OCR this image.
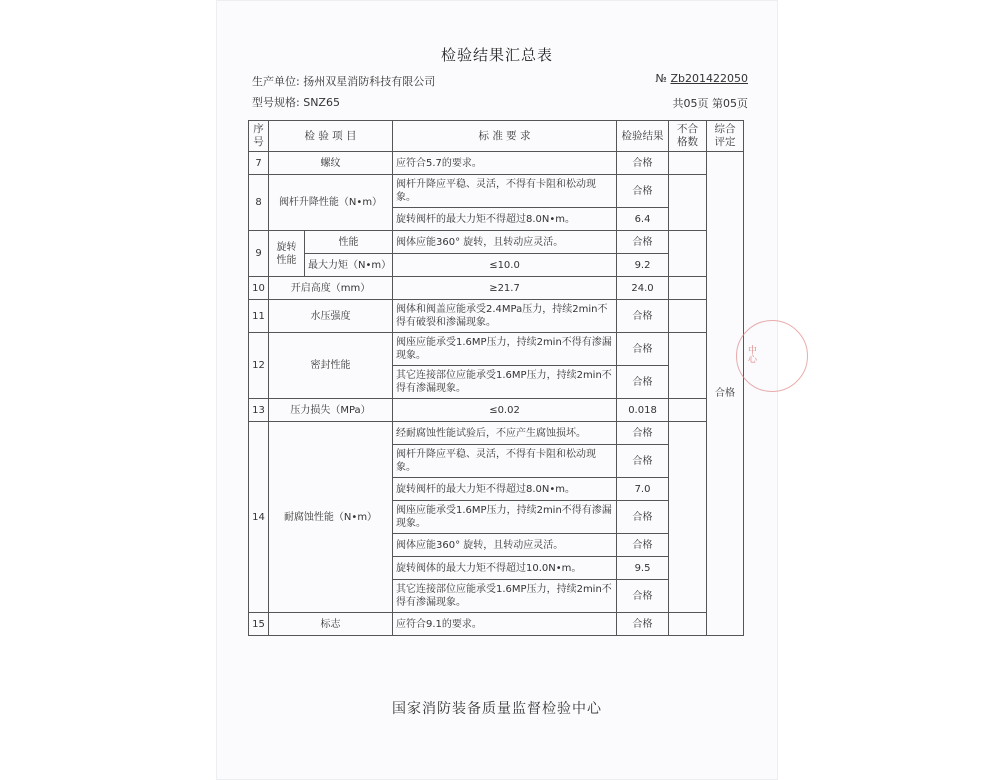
检验结果汇总表
生产单位: 扬州双星消防科技有限公司
型号规格: SNZ65
№ Zb201422050
共05页 第05页
序号	检 验 项 目		标 准 要 求	检验结果	不合格数	综合评定
7	螺纹		应符合5.7的要求。	合格		合格
8	阀杆升降性能（N•m）		阀杆升降应平稳、灵活，不得有卡阻和松动现象。	合格		
			旋转阀杆的最大力矩不得超过8.0N•m。	6.4		
9	旋转性能	性能	阀体应能360° 旋转，且转动应灵活。	合格		
		最大力矩（N•m）	≤10.0	9.2		
10	开启高度（mm）		≥21.7	24.0		
11	水压强度		阀体和阀盖应能承受2.4MPa压力，持续2min不得有破裂和渗漏现象。	合格		
12	密封性能		阀座应能承受1.6MP压力，持续2min不得有渗漏现象。	合格		
			其它连接部位应能承受1.6MP压力，持续2min不得有渗漏现象。	合格		
13	压力损失（MPa）		≤0.02	0.018		
14	耐腐蚀性能（N•m）		经耐腐蚀性能试验后，不应产生腐蚀损坏。	合格		
			阀杆升降应平稳、灵活，不得有卡阻和松动现象。	合格		
			旋转阀杆的最大力矩不得超过8.0N•m。	7.0		
			阀座应能承受1.6MP压力，持续2min不得有渗漏现象。	合格		
			阀体应能360° 旋转，且转动应灵活。	合格		
			旋转阀体的最大力矩不得超过10.0N•m。	9.5		
			其它连接部位应能承受1.6MP压力，持续2min不得有渗漏现象。	合格		
15	标志		应符合9.1的要求。	合格		
中心
国家消防装备质量监督检验中心
